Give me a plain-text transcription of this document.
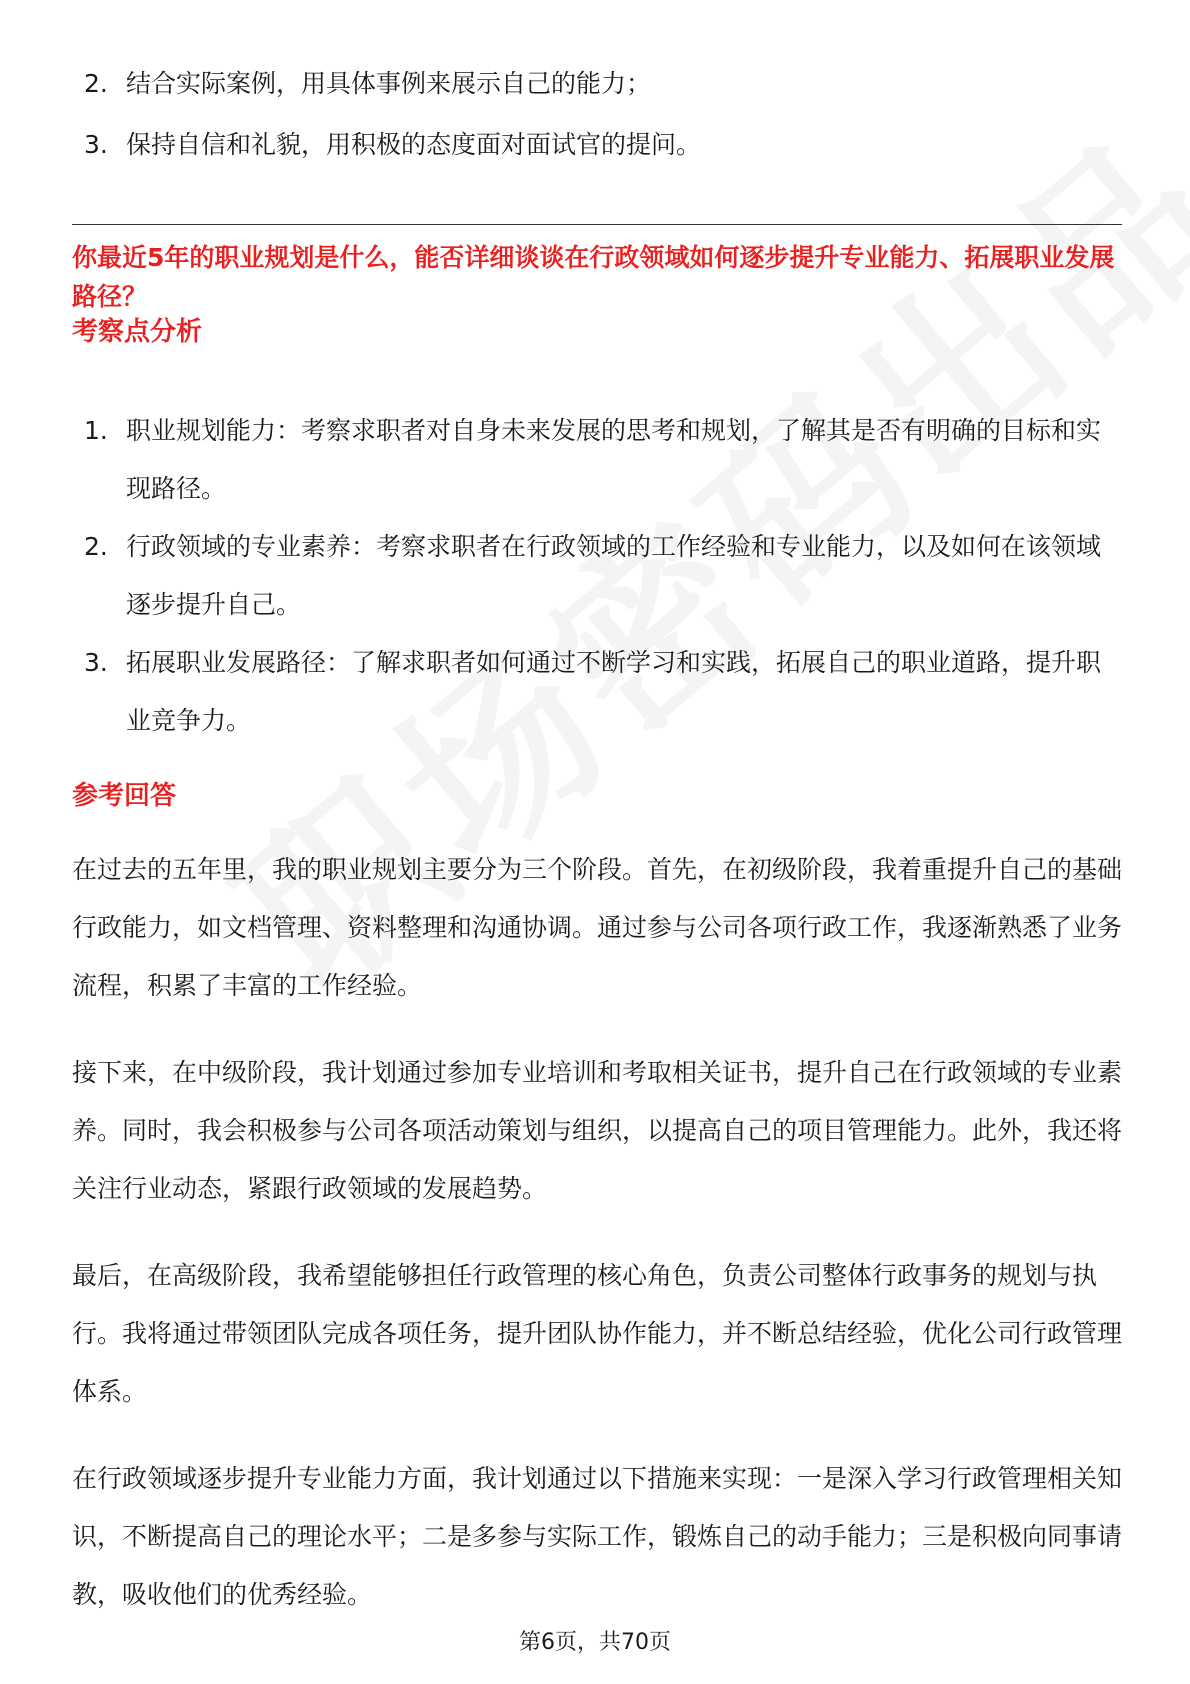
2. 结合实际案例，用具体事例来展示自己的能力；
3. 保持自信和礼貌，用积极的态度面对面试官的提问。

你最近5年的职业规划是什么，能否详细谈谈在行政领域如何逐步提升专业能力、拓展职业发展路径？

考察点分析
1. 职业规划能力：考察求职者对自身未来发展的思考和规划，了解其是否有明确的目标和实现路径。
2. 行政领域的专业素养：考察求职者在行政领域的工作经验和专业能力，以及如何在该领域逐步提升自己。
3. 拓展职业发展路径：了解求职者如何通过不断学习和实践，拓展自己的职业道路，提升职业竞争力。
参考回答

在过去的五年里，我的职业规划主要分为三个阶段。首先，在初级阶段，我着重提升自己的基础行政能力，如文档管理、资料整理和沟通协调。通过参与公司各项行政工作，我逐渐熟悉了业务流程，积累了丰富的工作经验。

接下来，在中级阶段，我计划通过参加专业培训和考取相关证书，提升自己在行政领域的专业素养。同时，我会积极参与公司各项活动策划与组织，以提高自己的项目管理能力。此外，我还将关注行业动态，紧跟行政领域的发展趋势。

最后，在高级阶段，我希望能够担任行政管理的核心角色，负责公司整体行政事务的规划与执行。我将通过带领团队完成各项任务，提升团队协作能力，并不断总结经验，优化公司行政管理体系。

在行政领域逐步提升专业能力方面，我计划通过以下措施来实现：一是深入学习行政管理相关知识，不断提高自己的理论水平；二是多参与实际工作，锻炼自己的动手能力；三是积极向同事请教，吸收他们的优秀经验。

第6页，共70页
